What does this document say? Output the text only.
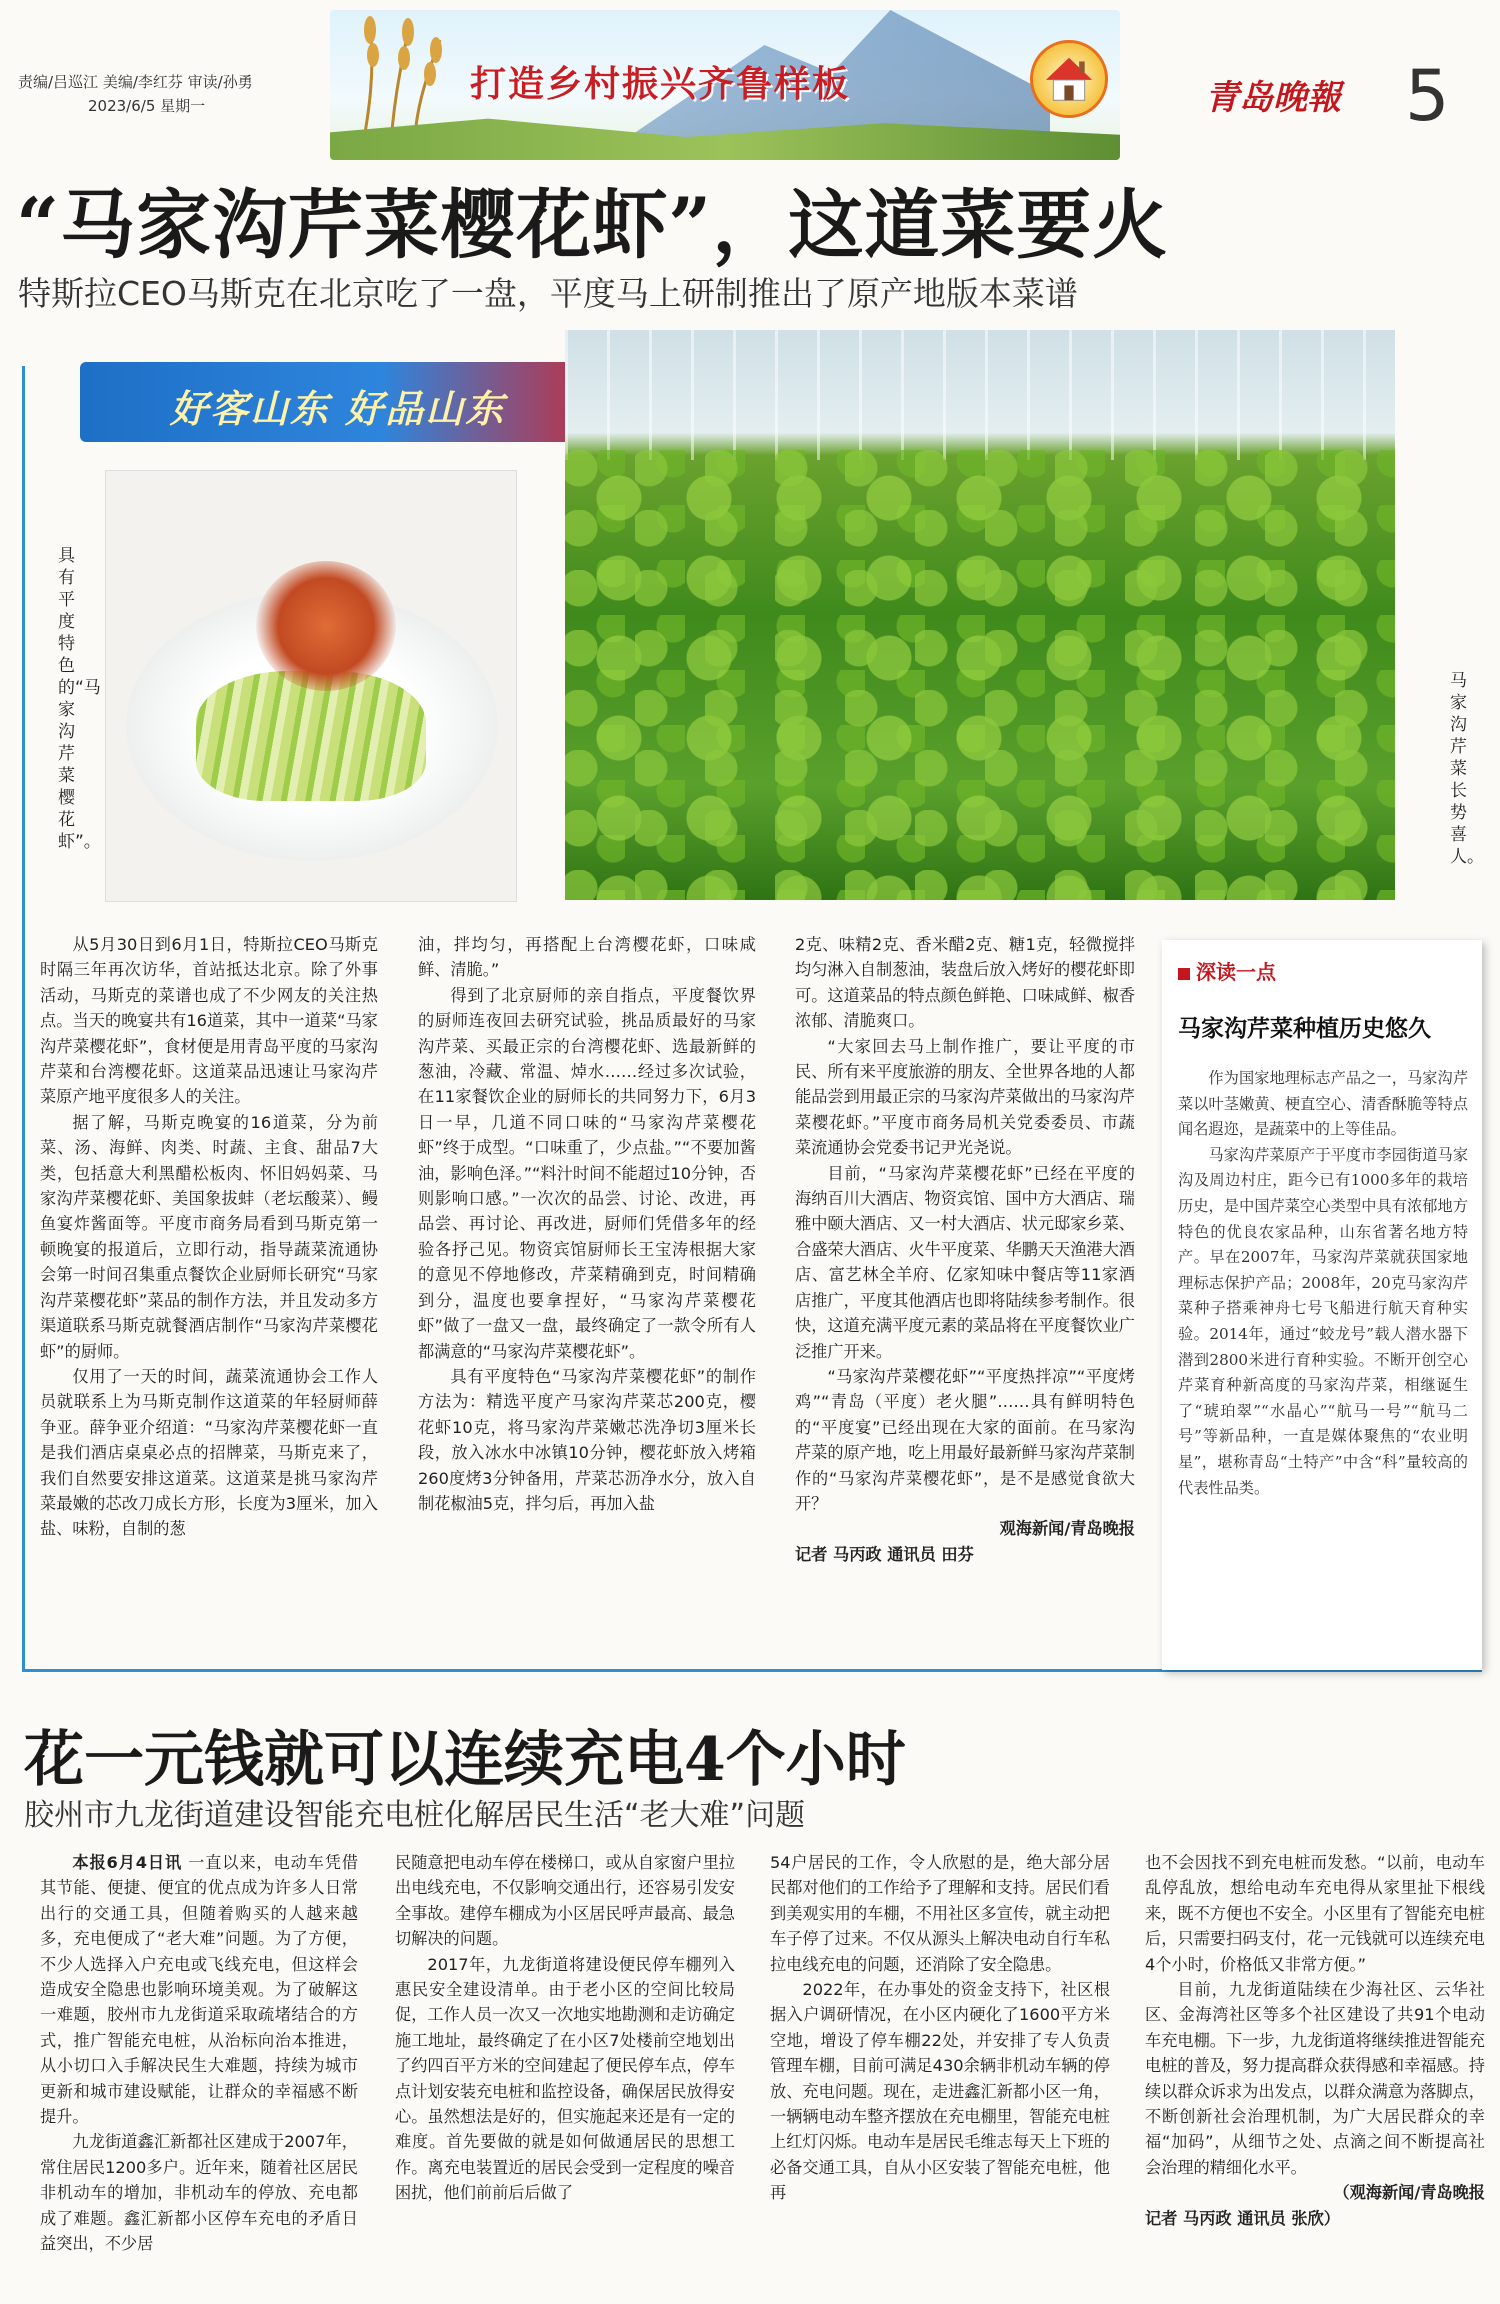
责编/吕巡江 美编/李红芬 审读/孙勇
2023/6/5 星期一
打造乡村振兴齐鲁样板	青岛晚報 5
“马家沟芹菜樱花虾”，这道菜要火
特斯拉CEO马斯克在北京吃了一盘，平度马上研制推出了原产地版本菜谱
好客山东 好品山东
具有平度特色的“马家沟芹菜樱花虾”。
马家沟芹菜长势喜人。

从5月30日到6月1日，特斯拉CEO马斯克时隔三年再次访华，首站抵达北京。除了外事活动，马斯克的菜谱也成了不少网友的关注热点。当天的晚宴共有16道菜，其中一道菜“马家沟芹菜樱花虾”，食材便是用青岛平度的马家沟芹菜和台湾樱花虾。这道菜品迅速让马家沟芹菜原产地平度很多人的关注。

据了解，马斯克晚宴的16道菜，分为前菜、汤、海鲜、肉类、时蔬、主食、甜品7大类，包括意大利黑醋松板肉、怀旧妈妈菜、马家沟芹菜樱花虾、美国象拔蚌（老坛酸菜）、鳗鱼宴炸酱面等。平度市商务局看到马斯克第一顿晚宴的报道后，立即行动，指导蔬菜流通协会第一时间召集重点餐饮企业厨师长研究“马家沟芹菜樱花虾”菜品的制作方法，并且发动多方渠道联系马斯克就餐酒店制作“马家沟芹菜樱花虾”的厨师。

仅用了一天的时间，蔬菜流通协会工作人员就联系上为马斯克制作这道菜的年轻厨师薛争亚。薛争亚介绍道：“马家沟芹菜樱花虾一直是我们酒店桌桌必点的招牌菜，马斯克来了，我们自然要安排这道菜。这道菜是挑马家沟芹菜最嫩的芯改刀成长方形，长度为3厘米，加入盐、味粉，自制的葱

油，拌均匀，再搭配上台湾樱花虾，口味咸鲜、清脆。”

得到了北京厨师的亲自指点，平度餐饮界的厨师连夜回去研究试验，挑品质最好的马家沟芹菜、买最正宗的台湾樱花虾、选最新鲜的葱油，冷藏、常温、焯水……经过多次试验，在11家餐饮企业的厨师长的共同努力下，6月3日一早，几道不同口味的“马家沟芹菜樱花虾”终于成型。“口味重了，少点盐。”“不要加酱油，影响色泽。”“料汁时间不能超过10分钟，否则影响口感。”一次次的品尝、讨论、改进，再品尝、再讨论、再改进，厨师们凭借多年的经验各抒己见。物资宾馆厨师长王宝涛根据大家的意见不停地修改，芹菜精确到克，时间精确到分，温度也要拿捏好，“马家沟芹菜樱花虾”做了一盘又一盘，最终确定了一款令所有人都满意的“马家沟芹菜樱花虾”。

具有平度特色“马家沟芹菜樱花虾”的制作方法为：精选平度产马家沟芹菜芯200克，樱花虾10克，将马家沟芹菜嫩芯洗净切3厘米长段，放入冰水中冰镇10分钟，樱花虾放入烤箱260度烤3分钟备用，芹菜芯沥净水分，放入自制花椒油5克，拌匀后，再加入盐

2克、味精2克、香米醋2克、糖1克，轻微搅拌均匀淋入自制葱油，装盘后放入烤好的樱花虾即可。这道菜品的特点颜色鲜艳、口味咸鲜、椒香浓郁、清脆爽口。

“大家回去马上制作推广，要让平度的市民、所有来平度旅游的朋友、全世界各地的人都能品尝到用最正宗的马家沟芹菜做出的马家沟芹菜樱花虾。”平度市商务局机关党委委员、市蔬菜流通协会党委书记尹光尧说。

目前，“马家沟芹菜樱花虾”已经在平度的海纳百川大酒店、物资宾馆、国中方大酒店、瑞雅中颐大酒店、又一村大酒店、状元邸家乡菜、合盛荣大酒店、火牛平度菜、华鹏天天渔港大酒店、富艺林全羊府、亿家知味中餐店等11家酒店推广，平度其他酒店也即将陆续参考制作。很快，这道充满平度元素的菜品将在平度餐饮业广泛推广开来。

“马家沟芹菜樱花虾”“平度热拌凉”“平度烤鸡”“青岛（平度）老火腿”……具有鲜明特色的“平度宴”已经出现在大家的面前。在马家沟芹菜的原产地，吃上用最好最新鲜马家沟芹菜制作的“马家沟芹菜樱花虾”，是不是感觉食欲大开？

观海新闻/青岛晚报

记者 马丙政 通讯员 田芬

深读一点
马家沟芹菜种植历史悠久

作为国家地理标志产品之一，马家沟芹菜以叶茎嫩黄、梗直空心、清香酥脆等特点闻名遐迩，是蔬菜中的上等佳品。

马家沟芹菜原产于平度市李园街道马家沟及周边村庄，距今已有1000多年的栽培历史，是中国芹菜空心类型中具有浓郁地方特色的优良农家品种，山东省著名地方特产。早在2007年，马家沟芹菜就获国家地理标志保护产品；2008年，20克马家沟芹菜种子搭乘神舟七号飞船进行航天育种实验。2014年，通过“蛟龙号”载人潜水器下潜到2800米进行育种实验。不断开创空心芹菜育种新高度的马家沟芹菜，相继诞生了“琥珀翠”“水晶心”“航马一号”“航马二号”等新品种，一直是媒体聚焦的“农业明星”，堪称青岛“土特产”中含“科”量较高的代表性品类。

花一元钱就可以连续充电4个小时
胶州市九龙街道建设智能充电桩化解居民生活“老大难”问题

本报6月4日讯 一直以来，电动车凭借其节能、便捷、便宜的优点成为许多人日常出行的交通工具，但随着购买的人越来越多，充电便成了“老大难”问题。为了方便，不少人选择入户充电或飞线充电，但这样会造成安全隐患也影响环境美观。为了破解这一难题，胶州市九龙街道采取疏堵结合的方式，推广智能充电桩，从治标向治本推进，从小切口入手解决民生大难题，持续为城市更新和城市建设赋能，让群众的幸福感不断提升。

九龙街道鑫汇新都社区建成于2007年，常住居民1200多户。近年来，随着社区居民非机动车的增加，非机动车的停放、充电都成了难题。鑫汇新都小区停车充电的矛盾日益突出，不少居

民随意把电动车停在楼梯口，或从自家窗户里拉出电线充电，不仅影响交通出行，还容易引发安全事故。建停车棚成为小区居民呼声最高、最急切解决的问题。

2017年，九龙街道将建设便民停车棚列入惠民安全建设清单。由于老小区的空间比较局促，工作人员一次又一次地实地勘测和走访确定施工地址，最终确定了在小区7处楼前空地划出了约四百平方米的空间建起了便民停车点，停车点计划安装充电桩和监控设备，确保居民放得安心。虽然想法是好的，但实施起来还是有一定的难度。首先要做的就是如何做通居民的思想工作。离充电装置近的居民会受到一定程度的噪音困扰，他们前前后后做了

54户居民的工作，令人欣慰的是，绝大部分居民都对他们的工作给予了理解和支持。居民们看到美观实用的车棚，不用社区多宣传，就主动把车子停了过来。不仅从源头上解决电动自行车私拉电线充电的问题，还消除了安全隐患。

2022年，在办事处的资金支持下，社区根据入户调研情况，在小区内硬化了1600平方米空地，增设了停车棚22处，并安排了专人负责管理车棚，目前可满足430余辆非机动车辆的停放、充电问题。现在，走进鑫汇新都小区一角，一辆辆电动车整齐摆放在充电棚里，智能充电桩上红灯闪烁。电动车是居民毛维志每天上下班的必备交通工具，自从小区安装了智能充电桩，他再

也不会因找不到充电桩而发愁。“以前，电动车乱停乱放，想给电动车充电得从家里扯下根线来，既不方便也不安全。小区里有了智能充电桩后，只需要扫码支付，花一元钱就可以连续充电4个小时，价格低又非常方便。”

目前，九龙街道陆续在少海社区、云华社区、金海湾社区等多个社区建设了共91个电动车充电棚。下一步，九龙街道将继续推进智能充电桩的普及，努力提高群众获得感和幸福感。持续以群众诉求为出发点，以群众满意为落脚点，不断创新社会治理机制，为广大居民群众的幸福“加码”，从细节之处、点滴之间不断提高社会治理的精细化水平。

（观海新闻/青岛晚报

记者 马丙政 通讯员 张欣）
